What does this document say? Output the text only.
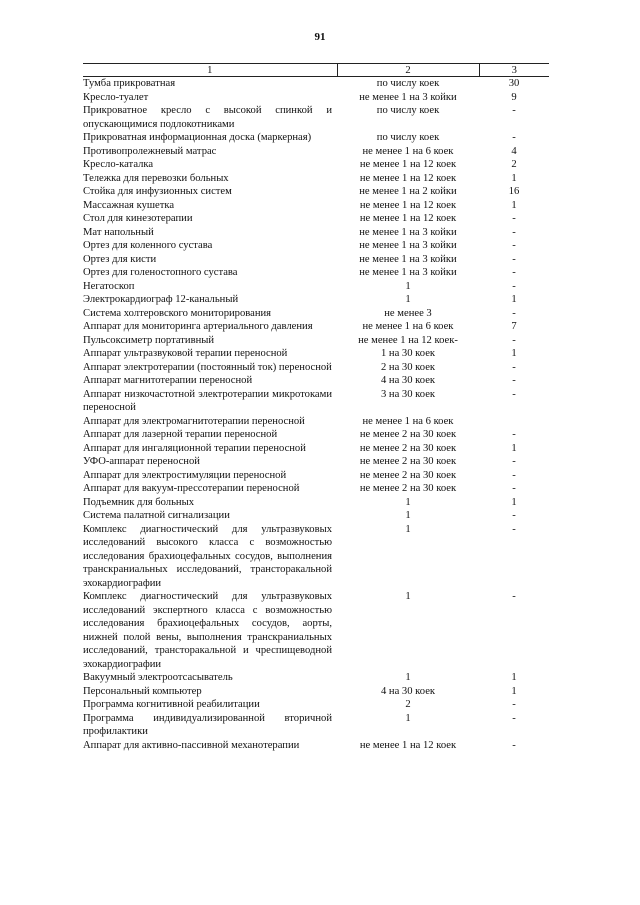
91
1	2	3
Тумба прикроватная	по числу коек	30
Кресло-туалет	не менее 1 на 3 койки	9
Прикроватное кресло с высокой спинкой и опускающимися подлокотниками	по числу коек	-
Прикроватная информационная доска (маркерная)	по числу коек	-
Противопролежневый матрас	не менее 1 на 6 коек	4
Кресло-каталка	не менее 1 на 12 коек	2
Тележка для перевозки больных	не менее 1 на 12 коек	1
Стойка для инфузионных систем	не менее 1 на 2 койки	16
Массажная кушетка	не менее 1 на 12 коек	1
Стол для кинезотерапии	не менее 1 на 12 коек	-
Мат напольный	не менее 1 на 3 койки	-
Ортез для коленного сустава	не менее 1 на 3 койки	-
Ортез для кисти	не менее 1 на 3 койки	-
Ортез для голеностопного сустава	не менее 1 на 3 койки	-
Негатоскоп	1	-
Электрокардиограф 12-канальный	1	1
Система холтеровского мониторирования	не менее 3	-
Аппарат для мониторинга артериального давления	не менее 1 на 6 коек	7
Пульсоксиметр портативный	не менее 1 на 12 коек-	-
Аппарат ультразвуковой терапии переносной	1 на 30 коек	1
Аппарат электротерапии (постоянный ток) переносной	2 на 30 коек	-
Аппарат магнитотерапии переносной	4 на 30 коек	-
Аппарат низкочастотной электротерапии микротоками переносной	3 на 30 коек	-
Аппарат для электромагнитотерапии переносной	не менее 1 на 6 коек	
Аппарат для лазерной терапии переносной	не менее 2 на 30 коек	-
Аппарат для ингаляционной терапии переносной	не менее 2 на 30 коек	1
УФО-аппарат переносной	не менее 2 на 30 коек	-
Аппарат для электростимуляции переносной	не менее 2 на 30 коек	-
Аппарат для вакуум-прессотерапии переносной	не менее 2 на 30 коек	-
Подъемник для больных	1	1
Система палатной сигнализации	1	-
Комплекс диагностический для ультразвуковых исследований высокого класса с возможностью исследования брахиоцефальных сосудов, выполнения транскраниальных исследований, трансторакальной эхокардиографии	1	-
Комплекс диагностический для ультразвуковых исследований экспертного класса с возможностью исследования брахиоцефальных сосудов, аорты, нижней полой вены, выполнения транскраниальных исследований, трансторакальной и чреспищеводной эхокардиографии	1	-
Вакуумный электроотсасыватель	1	1
Персональный компьютер	4 на 30 коек	1
Программа когнитивной реабилитации	2	-
Программа индивидуализированной вторичной профилактики	1	-
Аппарат для активно-пассивной механотерапии	не менее 1 на 12 коек	-
